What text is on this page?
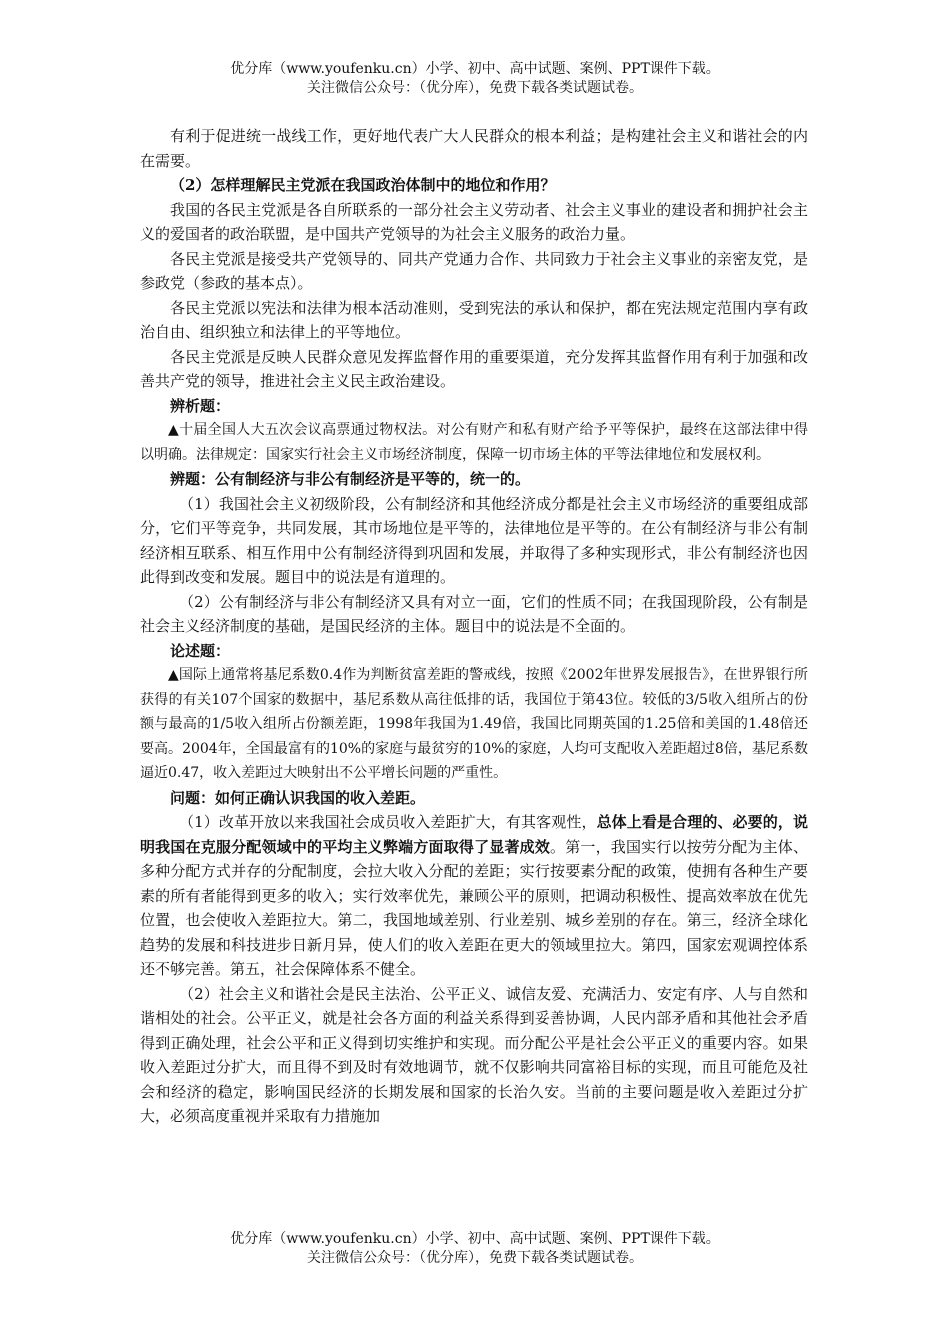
优分库（www.youfenku.cn）小学、初中、高中试题、案例、PPT课件下载。

关注微信公众号：（优分库），免费下载各类试题试卷。

有利于促进统一战线工作，更好地代表广大人民群众的根本利益；是构建社会主义和谐社会的内在需要。

（2）怎样理解民主党派在我国政治体制中的地位和作用？

我国的各民主党派是各自所联系的一部分社会主义劳动者、社会主义事业的建设者和拥护社会主义的爱国者的政治联盟，是中国共产党领导的为社会主义服务的政治力量。

各民主党派是接受共产党领导的、同共产党通力合作、共同致力于社会主义事业的亲密友党，是参政党（参政的基本点）。

各民主党派以宪法和法律为根本活动准则，受到宪法的承认和保护，都在宪法规定范围内享有政治自由、组织独立和法律上的平等地位。

各民主党派是反映人民群众意见发挥监督作用的重要渠道，充分发挥其监督作用有利于加强和改善共产党的领导，推进社会主义民主政治建设。

辨析题：

▲十届全国人大五次会议高票通过物权法。对公有财产和私有财产给予平等保护，最终在这部法律中得以明确。法律规定：国家实行社会主义市场经济制度，保障一切市场主体的平等法律地位和发展权利。

辨题：公有制经济与非公有制经济是平等的，统一的。

（1）我国社会主义初级阶段，公有制经济和其他经济成分都是社会主义市场经济的重要组成部分，它们平等竞争，共同发展，其市场地位是平等的，法律地位是平等的。在公有制经济与非公有制经济相互联系、相互作用中公有制经济得到巩固和发展，并取得了多种实现形式，非公有制经济也因此得到改变和发展。题目中的说法是有道理的。

（2）公有制经济与非公有制经济又具有对立一面，它们的性质不同；在我国现阶段，公有制是社会主义经济制度的基础，是国民经济的主体。题目中的说法是不全面的。

论述题：

▲国际上通常将基尼系数0.4作为判断贫富差距的警戒线，按照《2002年世界发展报告》，在世界银行所获得的有关107个国家的数据中，基尼系数从高往低排的话，我国位于第43位。较低的3/5收入组所占的份额与最高的1/5收入组所占份额差距，1998年我国为1.49倍，我国比同期英国的1.25倍和美国的1.48倍还要高。2004年，全国最富有的10%的家庭与最贫穷的10%的家庭，人均可支配收入差距超过8倍，基尼系数逼近0.47，收入差距过大映射出不公平增长问题的严重性。

问题：如何正确认识我国的收入差距。

（1）改革开放以来我国社会成员收入差距扩大，有其客观性，总体上看是合理的、必要的，说明我国在克服分配领域中的平均主义弊端方面取得了显著成效。第一，我国实行以按劳分配为主体、多种分配方式并存的分配制度，会拉大收入分配的差距；实行按要素分配的政策，使拥有各种生产要素的所有者能得到更多的收入；实行效率优先，兼顾公平的原则，把调动积极性、提高效率放在优先位置，也会使收入差距拉大。第二，我国地域差别、行业差别、城乡差别的存在。第三，经济全球化趋势的发展和科技进步日新月异，使人们的收入差距在更大的领域里拉大。第四，国家宏观调控体系还不够完善。第五，社会保障体系不健全。

（2）社会主义和谐社会是民主法治、公平正义、诚信友爱、充满活力、安定有序、人与自然和谐相处的社会。公平正义，就是社会各方面的利益关系得到妥善协调，人民内部矛盾和其他社会矛盾得到正确处理，社会公平和正义得到切实维护和实现。而分配公平是社会公平正义的重要内容。如果收入差距过分扩大，而且得不到及时有效地调节，就不仅影响共同富裕目标的实现，而且可能危及社会和经济的稳定，影响国民经济的长期发展和国家的长治久安。当前的主要问题是收入差距过分扩大，必须高度重视并采取有力措施加

优分库（www.youfenku.cn）小学、初中、高中试题、案例、PPT课件下载。

关注微信公众号：（优分库），免费下载各类试题试卷。
